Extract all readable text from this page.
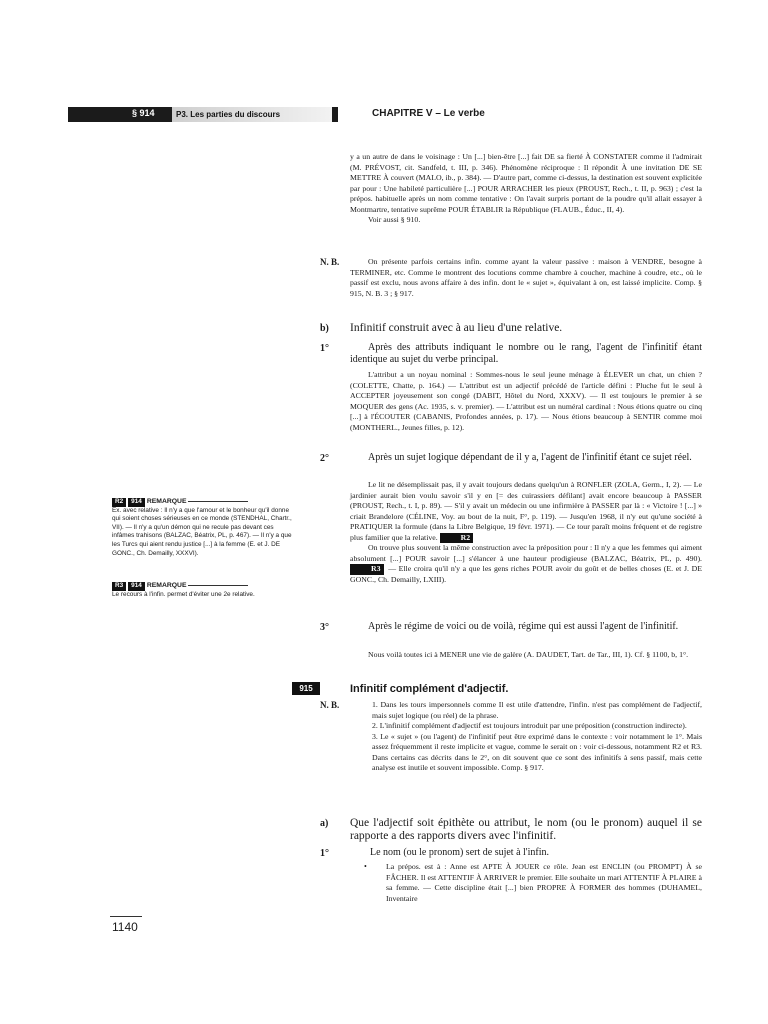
§ 914	P3. Les parties du discours	CHAPITRE V – Le verbe

y a un autre de dans le voisinage : Un [...] bien-être [...] fait DE sa fierté À CONSTATER comme il l'admirait (M. PRÉVOST, cit. Sandfeld, t. III, p. 346). Phénomène réciproque : Il répondit À une invitation DE SE METTRE À couvert (MALO, ib., p. 384). — D'autre part, comme ci-dessus, la destination est souvent explicitée par pour : Une habileté particulière [...] POUR ARRACHER les pieux (PROUST, Rech., t. II, p. 963) ; c'est la prépos. habituelle après un nom comme tentative : On l'avait surpris portant de la poudre qu'il allait essayer à Montmartre, tentative suprême POUR ÉTABLIR la République (FLAUB., Éduc., II, 4).

Voir aussi § 910.

N. B.	On présente parfois certains infin. comme ayant la valeur passive : maison à VENDRE, besogne à TERMINER, etc. Comme le montrent des locutions comme chambre à coucher, machine à coudre, etc., où le passif est exclu, nous avons affaire à des infin. dont le « sujet », équivalant à on, est laissé implicite. Comp. § 915, N. B. 3 ; § 917.

b) Infinitif construit avec à au lieu d'une relative.

1°	Après des attributs indiquant le nombre ou le rang, l'agent de l'infinitif étant identique au sujet du verbe principal.

L'attribut a un noyau nominal : Sommes-nous le seul jeune ménage à ÉLEVER un chat, un chien ? (COLETTE, Chatte, p. 164.) — L'attribut est un adjectif précédé de l'article défini : Pluche fut le seul à ACCEPTER joyeusement son congé (DABIT, Hôtel du Nord, XXXV). — Il est toujours le premier à se MOQUER des gens (Ac. 1935, s. v. premier). — L'attribut est un numéral cardinal : Nous étions quatre ou cinq [...] à l'ÉCOUTER (CABANIS, Profondes années, p. 17). — Nous étions beaucoup à SENTIR comme moi (MONTHERL., Jeunes filles, p. 12).

2°	Après un sujet logique dépendant de il y a, l'agent de l'infinitif étant ce sujet réel.

Le lit ne désemplissait pas, il y avait toujours dedans quelqu'un à RONFLER (ZOLA, Germ., I, 2). — Le jardinier aurait bien voulu savoir s'il y en [= des cuirassiers défilant] avait encore beaucoup à PASSER (PROUST, Rech., t. I, p. 89). — S'il y avait un médecin ou une infirmière à PASSER par là : « Victoire ! [...] » criait Brandelore (CÉLINE, Voy. au bout de la nuit, F°, p. 119). — Jusqu'en 1968, il n'y eut qu'une société à PRATIQUER la formule (dans la Libre Belgique, 19 févr. 1971). — Ce tour paraît moins fréquent et de registre plus familier que la relative.	R2

On trouve plus souvent la même construction avec la préposition pour : Il n'y a que les femmes qui aiment absolument [...] POUR savoir [...] s'élancer à une hauteur prodigieuse (BALZAC, Béatrix, PL, p. 490). R3 — Elle croira qu'il n'y a que les gens riches POUR avoir du goût et de belles choses (E. et J. DE GONC., Ch. Demailly, LXIII).

3°	Après le régime de voici ou de voilà, régime qui est aussi l'agent de l'infinitif.

Nous voilà toutes ici à MENER une vie de galère (A. DAUDET, Tart. de Tar., III, 1). Cf. § 1100, b, 1°.

915	Infinitif complément d'adjectif.
N. B.	1. Dans les tours impersonnels comme Il est utile d'attendre, l'infin. n'est pas complément de l'adjectif, mais sujet logique (ou réel) de la phrase.

2. L'infinitif complément d'adjectif est toujours introduit par une préposition (construction indirecte).

3. Le « sujet » (ou l'agent) de l'infinitif peut être exprimé dans le contexte : voir notamment le 1°. Mais assez fréquemment il reste implicite et vague, comme le serait on : voir ci-dessous, notamment R2 et R3. Dans certains cas décrits dans le 2°, on dit souvent que ce sont des infinitifs à sens passif, mais cette analyse est inutile et souvent impossible. Comp. § 917.

a) Que l'adjectif soit épithète ou attribut, le nom (ou le pronom) auquel il se rapporte a des rapports divers avec l'infinitif.

1°	Le nom (ou le pronom) sert de sujet à l'infin.

• La prépos. est à : Anne est APTE À JOUER ce rôle. Jean est ENCLIN (ou PROMPT) À se FÂCHER. Il est ATTENTIF À ARRIVER le premier. Elle souhaite un mari ATTENTIF À PLAIRE à sa femme. — Cette discipline était [...] bien PROPRE À FORMER des hommes (DUHAMEL, Inventaire

R2 914 REMARQUE
Ex. avec relative : Il n'y a que l'amour et le bonheur qu'il donne qui soient choses sérieuses en ce monde (STENDHAL, Chartr., VII). — Il n'y a qu'un démon qui ne recule pas devant ces infâmes trahisons (BALZAC, Béatrix, PL, p. 467). — Il n'y a que les Turcs qui aient rendu justice [...] à la femme (E. et J. DE GONC., Ch. Demailly, XXXVI).
R3 914 REMARQUE
Le recours à l'infin. permet d'éviter une 2e relative.
1140
